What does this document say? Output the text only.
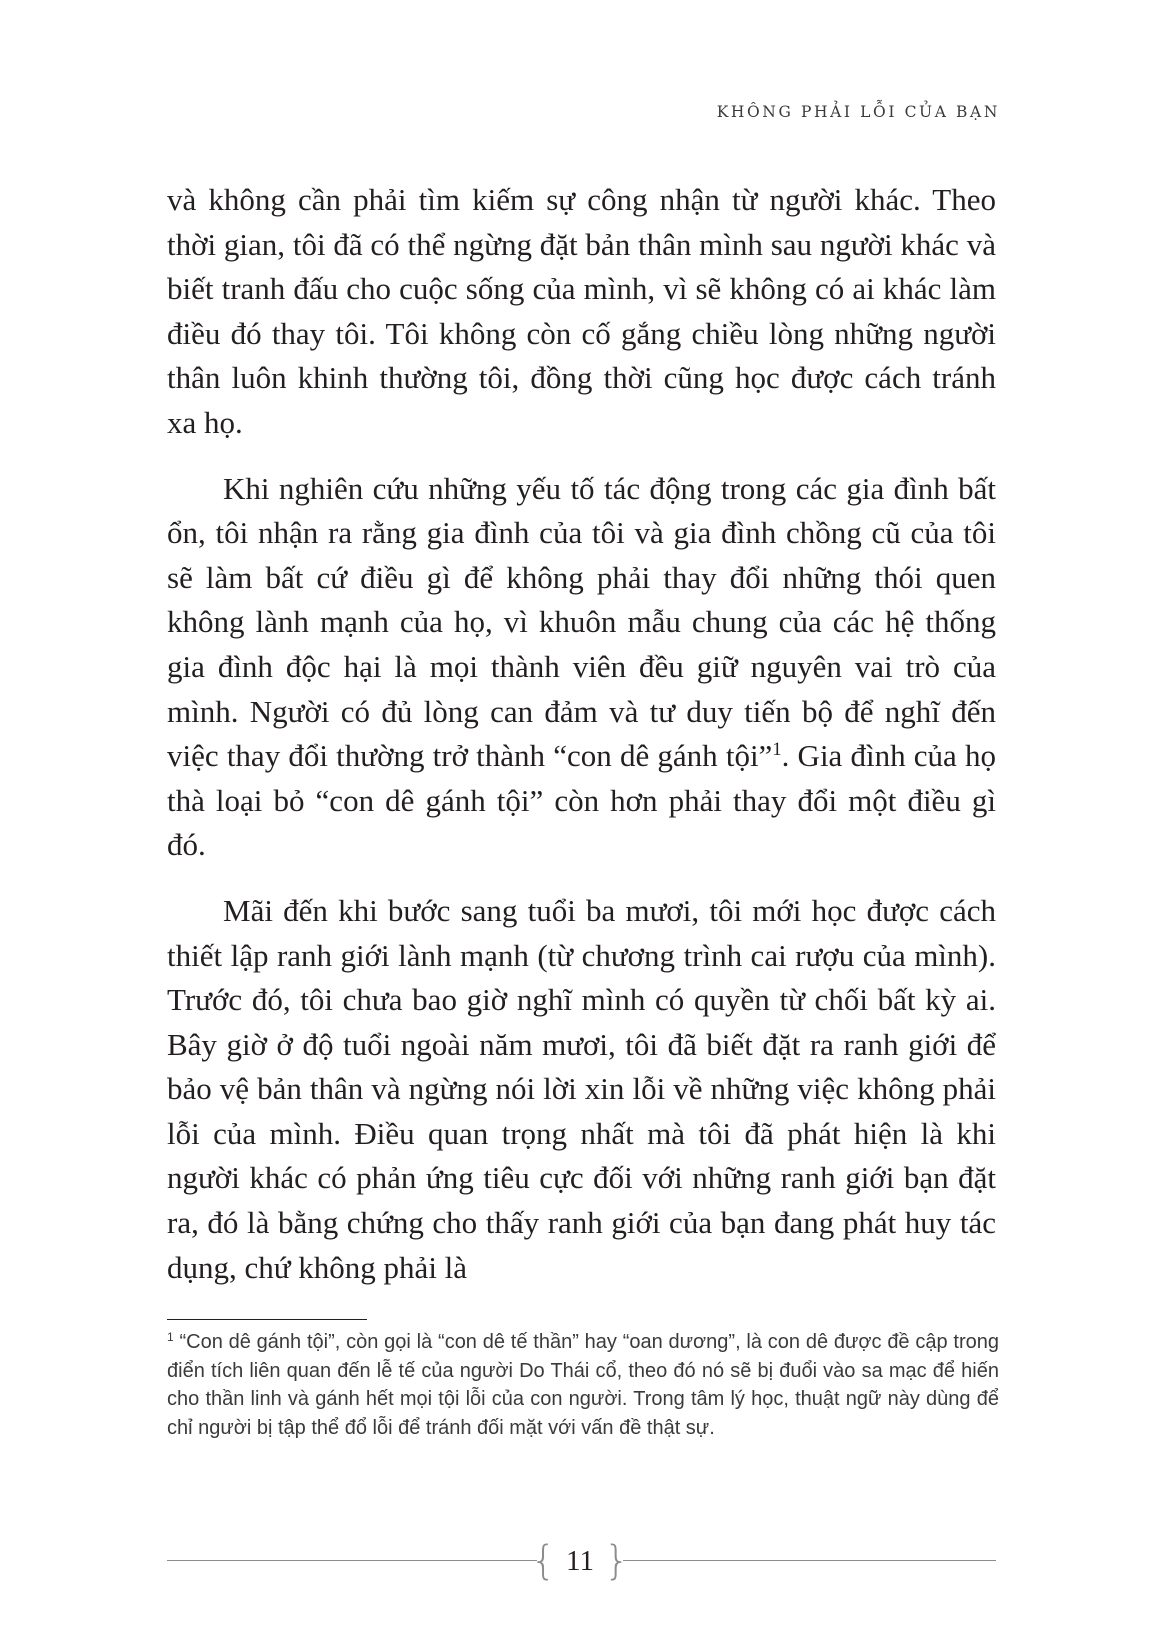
KHÔNG PHẢI LỖI CỦA BẠN

và không cần phải tìm kiếm sự công nhận từ người khác. Theo thời gian, tôi đã có thể ngừng đặt bản thân mình sau người khác và biết tranh đấu cho cuộc sống của mình, vì sẽ không có ai khác làm điều đó thay tôi. Tôi không còn cố gắng chiều lòng những người thân luôn khinh thường tôi, đồng thời cũng học được cách tránh xa họ.

Khi nghiên cứu những yếu tố tác động trong các gia đình bất ổn, tôi nhận ra rằng gia đình của tôi và gia đình chồng cũ của tôi sẽ làm bất cứ điều gì để không phải thay đổi những thói quen không lành mạnh của họ, vì khuôn mẫu chung của các hệ thống gia đình độc hại là mọi thành viên đều giữ nguyên vai trò của mình. Người có đủ lòng can đảm và tư duy tiến bộ để nghĩ đến việc thay đổi thường trở thành “con dê gánh tội”$^1$. Gia đình của họ thà loại bỏ “con dê gánh tội” còn hơn phải thay đổi một điều gì đó.

Mãi đến khi bước sang tuổi ba mươi, tôi mới học được cách thiết lập ranh giới lành mạnh (từ chương trình cai rượu của mình). Trước đó, tôi chưa bao giờ nghĩ mình có quyền từ chối bất kỳ ai. Bây giờ ở độ tuổi ngoài năm mươi, tôi đã biết đặt ra ranh giới để bảo vệ bản thân và ngừng nói lời xin lỗi về những việc không phải lỗi của mình. Điều quan trọng nhất mà tôi đã phát hiện là khi người khác có phản ứng tiêu cực đối với những ranh giới bạn đặt ra, đó là bằng chứng cho thấy ranh giới của bạn đang phát huy tác dụng, chứ không phải là

$^1$ “Con dê gánh tội”, còn gọi là “con dê tế thần” hay “oan dương”, là con dê được đề cập trong điển tích liên quan đến lễ tế của người Do Thái cổ, theo đó nó sẽ bị đuổi vào sa mạc để hiến cho thần linh và gánh hết mọi tội lỗi của con người. Trong tâm lý học, thuật ngữ này dùng để chỉ người bị tập thể đổ lỗi để tránh đối mặt với vấn đề thật sự.
{ 11 }
